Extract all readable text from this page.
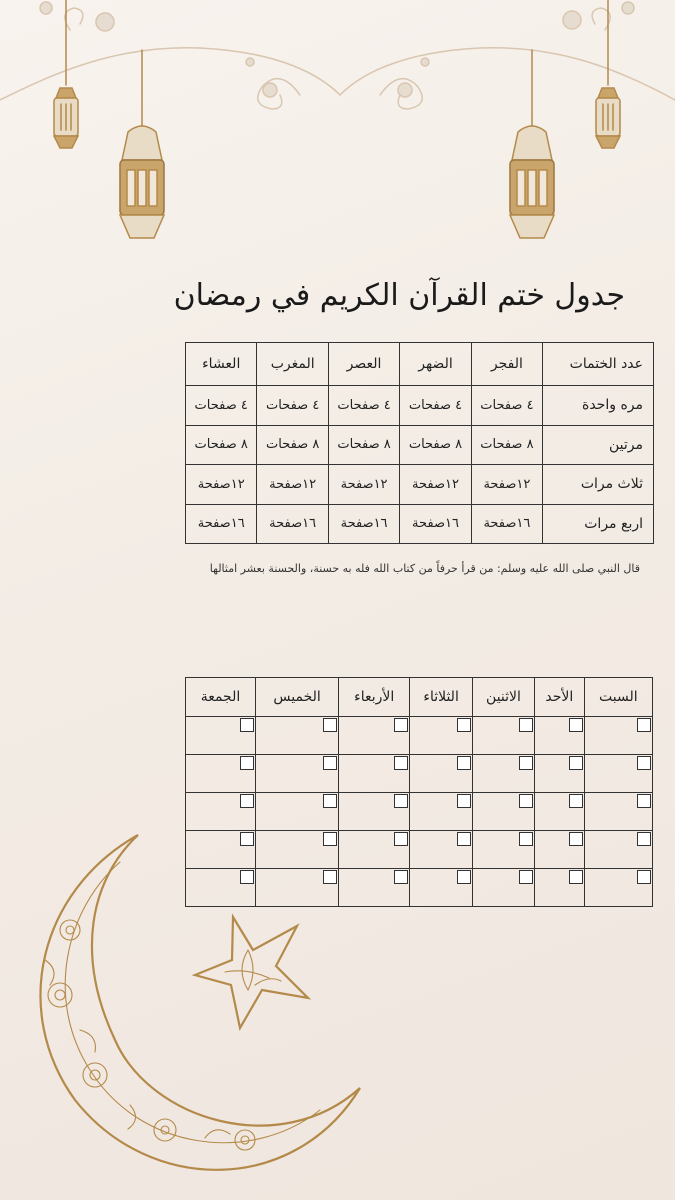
جدول ختم القرآن الكريم في رمضان
عدد الختمات	الفجر	الضهر	العصر	المغرب	العشاء
مره واحدة	٤ صفحات	٤ صفحات	٤ صفحات	٤ صفحات	٤ صفحات
مرتين	٨ صفحات	٨ صفحات	٨ صفحات	٨ صفحات	٨ صفحات
ثلاث مرات	١٢صفحة	١٢صفحة	١٢صفحة	١٢صفحة	١٢صفحة
اربع مرات	١٦صفحة	١٦صفحة	١٦صفحة	١٦صفحة	١٦صفحة
قال النبي صلى الله عليه وسلم: من قرأ حرفاً من كتاب الله فله به حسنة، والحسنة بعشر امثالها
السبت	الأحد	الاثنين	الثلاثاء	الأربعاء	الخميس	الجمعة
